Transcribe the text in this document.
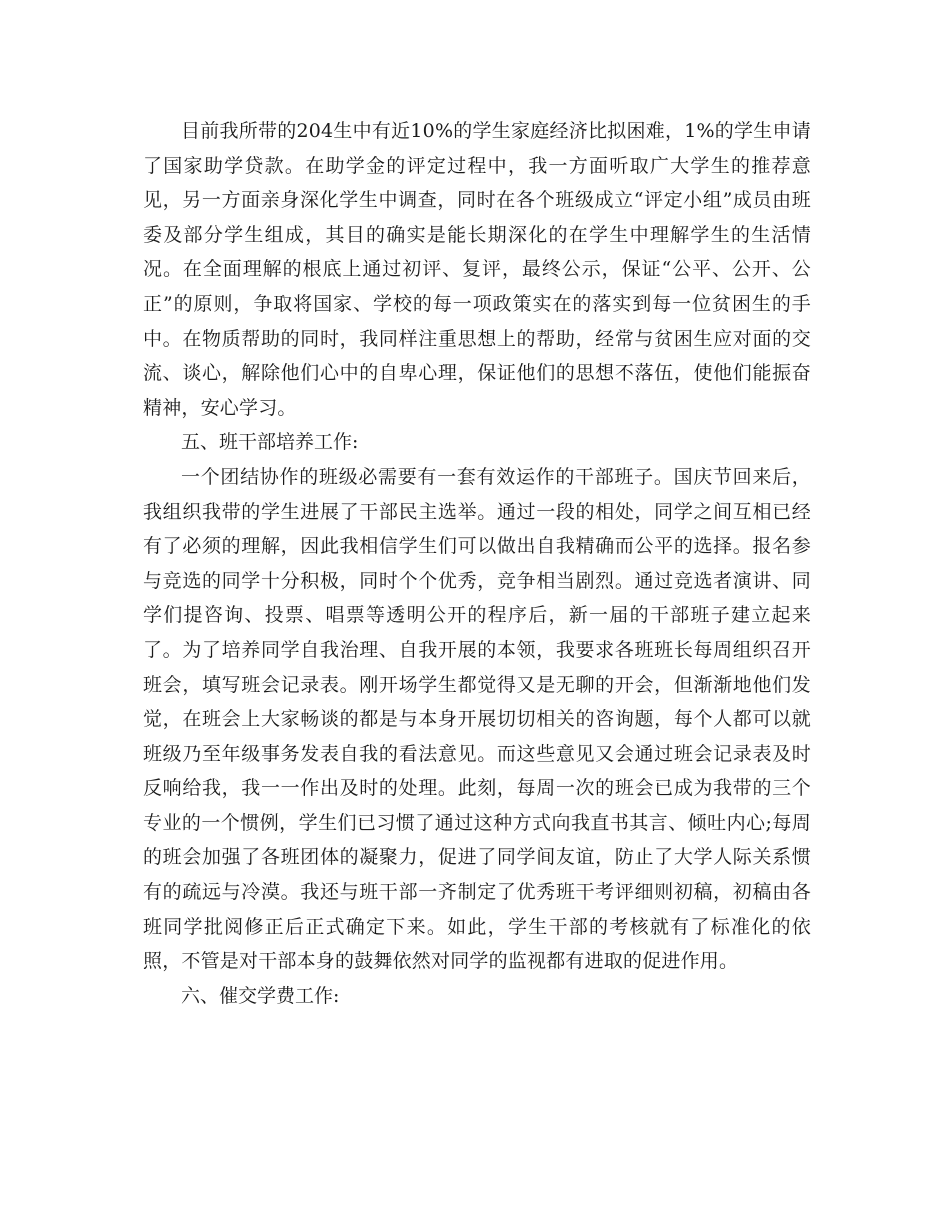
目前我所带的204生中有近10%的学生家庭经济比拟困难，1%的学生申请了国家助学贷款。在助学金的评定过程中，我一方面听取广大学生的推荐意见，另一方面亲身深化学生中调查，同时在各个班级成立“评定小组”成员由班委及部分学生组成，其目的确实是能长期深化的在学生中理解学生的生活情况。在全面理解的根底上通过初评、复评，最终公示，保证“公平、公开、公正”的原则，争取将国家、学校的每一项政策实在的落实到每一位贫困生的手中。在物质帮助的同时，我同样注重思想上的帮助，经常与贫困生应对面的交流、谈心，解除他们心中的自卑心理，保证他们的思想不落伍，使他们能振奋精神，安心学习。

五、班干部培养工作:

一个团结协作的班级必需要有一套有效运作的干部班子。国庆节回来后，我组织我带的学生进展了干部民主选举。通过一段的相处，同学之间互相已经有了必须的理解，因此我相信学生们可以做出自我精确而公平的选择。报名参与竞选的同学十分积极，同时个个优秀，竞争相当剧烈。通过竞选者演讲、同学们提咨询、投票、唱票等透明公开的程序后，新一届的干部班子建立起来了。为了培养同学自我治理、自我开展的本领，我要求各班班长每周组织召开班会，填写班会记录表。刚开场学生都觉得又是无聊的开会，但渐渐地他们发觉，在班会上大家畅谈的都是与本身开展切切相关的咨询题，每个人都可以就班级乃至年级事务发表自我的看法意见。而这些意见又会通过班会记录表及时反响给我，我一一作出及时的处理。此刻，每周一次的班会已成为我带的三个专业的一个惯例，学生们已习惯了通过这种方式向我直书其言、倾吐内心;每周的班会加强了各班团体的凝聚力，促进了同学间友谊，防止了大学人际关系惯有的疏远与冷漠。我还与班干部一齐制定了优秀班干考评细则初稿，初稿由各班同学批阅修正后正式确定下来。如此，学生干部的考核就有了标准化的依照，不管是对干部本身的鼓舞依然对同学的监视都有进取的促进作用。

六、催交学费工作:
